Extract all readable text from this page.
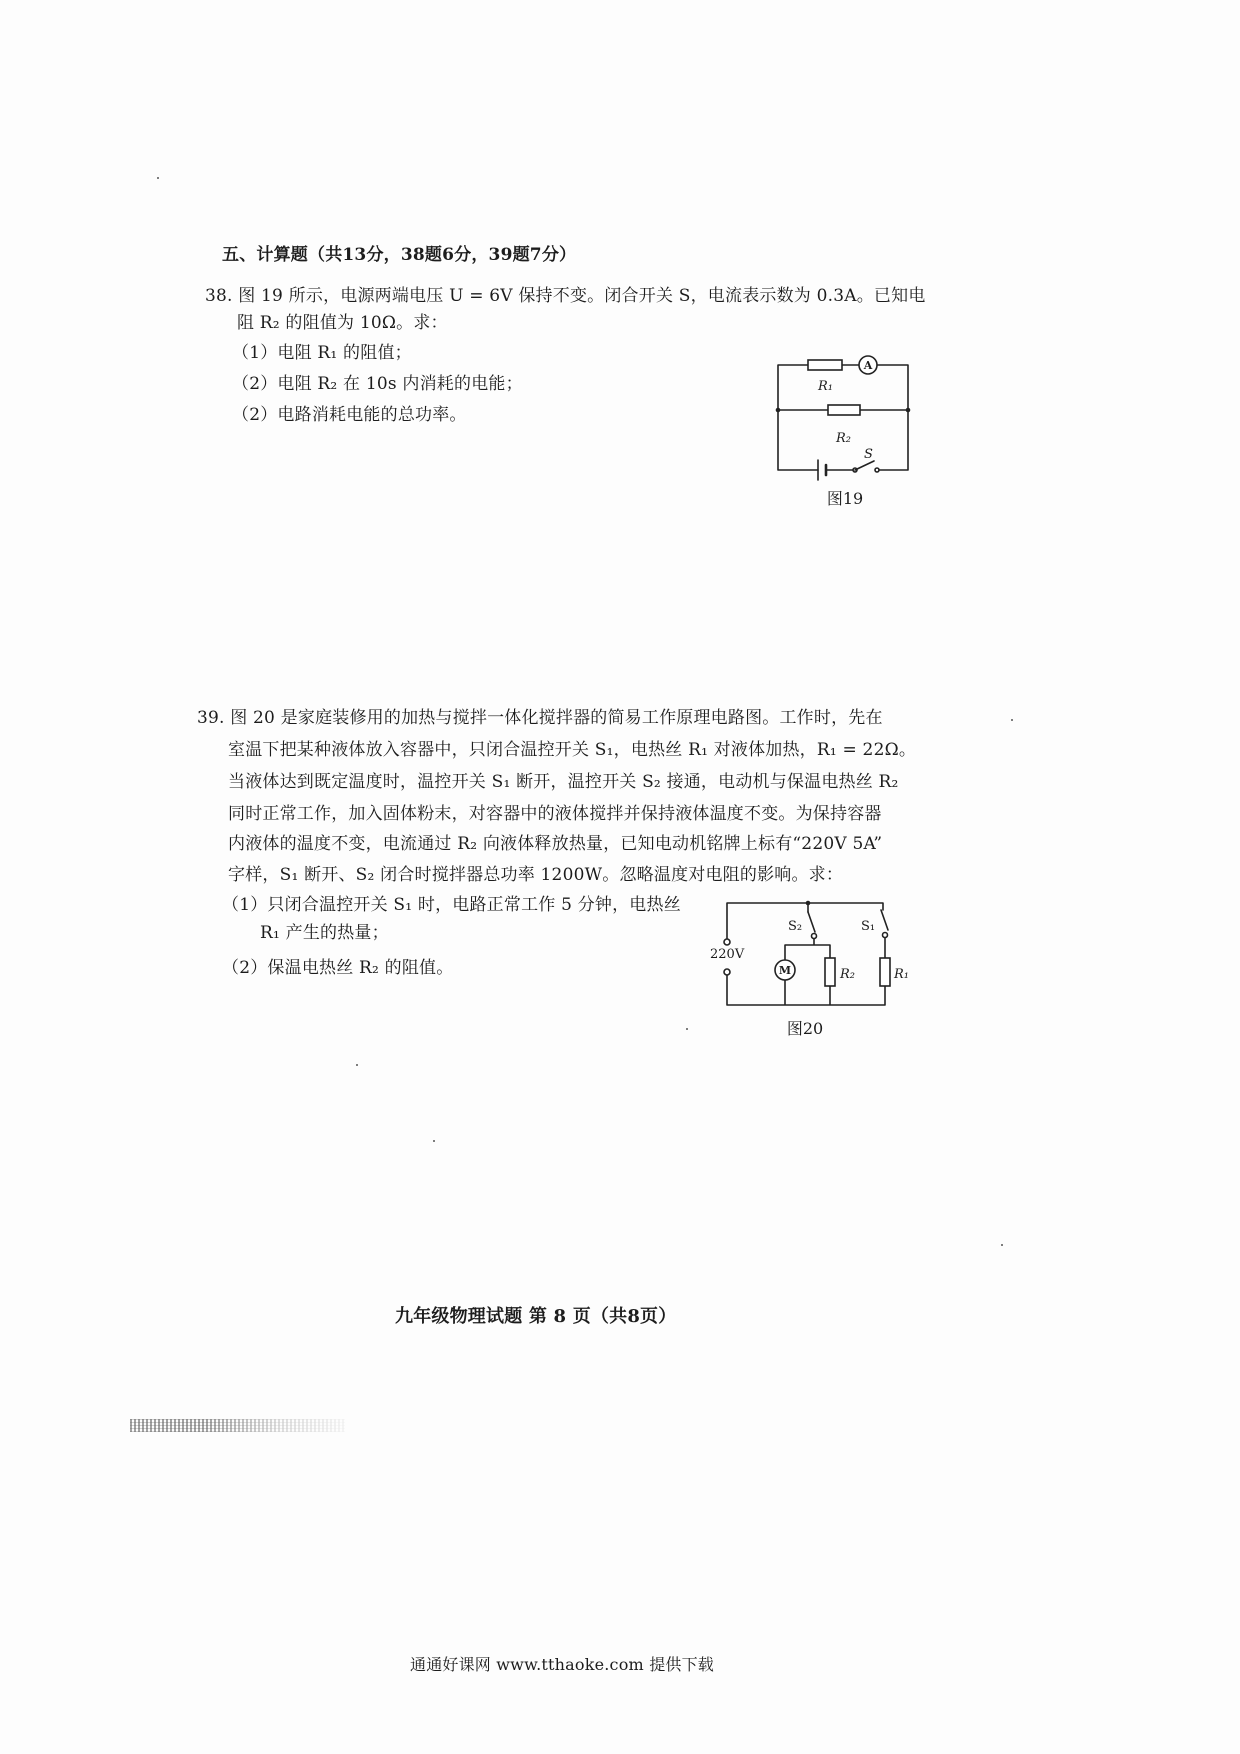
五、计算题（共13分，38题6分，39题7分）
38. 图 19 所示，电源两端电压 U = 6V 保持不变。闭合开关 S，电流表示数为 0.3A。已知电
阻 R₂ 的阻值为 10Ω。求：
（1）电阻 R₁ 的阻值；
（2）电阻 R₂ 在 10s 内消耗的电能；
（2）电路消耗电能的总功率。
A
S
R₁
R₂
图19
39. 图 20 是家庭装修用的加热与搅拌一体化搅拌器的简易工作原理电路图。工作时，先在
室温下把某种液体放入容器中，只闭合温控开关 S₁，电热丝 R₁ 对液体加热，R₁ = 22Ω。
当液体达到既定温度时，温控开关 S₁ 断开，温控开关 S₂ 接通，电动机与保温电热丝 R₂
同时正常工作，加入固体粉末，对容器中的液体搅拌并保持液体温度不变。为保持容器
内液体的温度不变，电流通过 R₂ 向液体释放热量，已知电动机铭牌上标有“220V 5A”
字样，S₁ 断开、S₂ 闭合时搅拌器总功率 1200W。忽略温度对电阻的影响。求：
（1）只闭合温控开关 S₁ 时，电路正常工作 5 分钟，电热丝
R₁ 产生的热量；
（2）保温电热丝 R₂ 的阻值。
220V
S₂
M	R₂
S₁
R₁
图20
九年级物理试题 第 8 页（共8页）
通通好课网 www.tthaoke.com 提供下载
